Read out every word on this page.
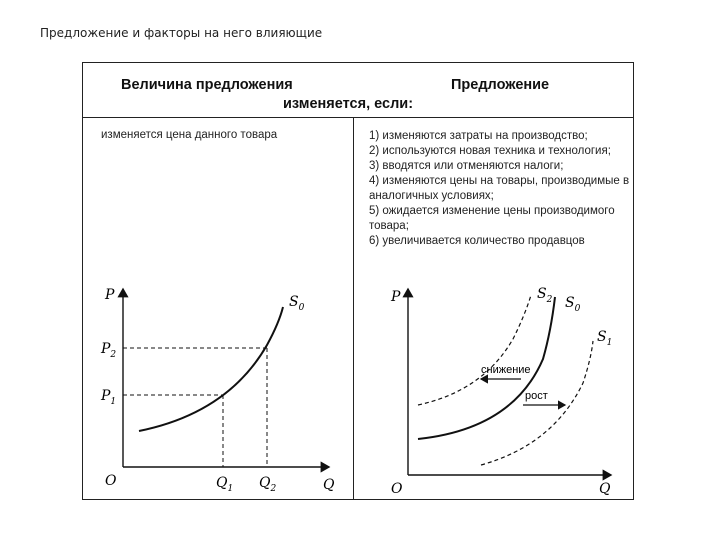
Предложение и факторы на него влияющие
Величина предложения	Предложение
изменяется, если:
изменяется цена данного товара	1) изменяются затраты на производство;
2) используются новая техника и технология;
3) вводятся или отменяются налоги;
4) изменяются цены на товары, производимые в аналогичных условиях;
5) ожидается изменение цены производимого товара;
6) увеличивается количество продавцов
P
Q
O
$S_0$
$P_2$
$P_1$
$Q_1$ $Q_2$
снижение
рост
P
Q
O
$S_2$ $S_0$
$S_1$
